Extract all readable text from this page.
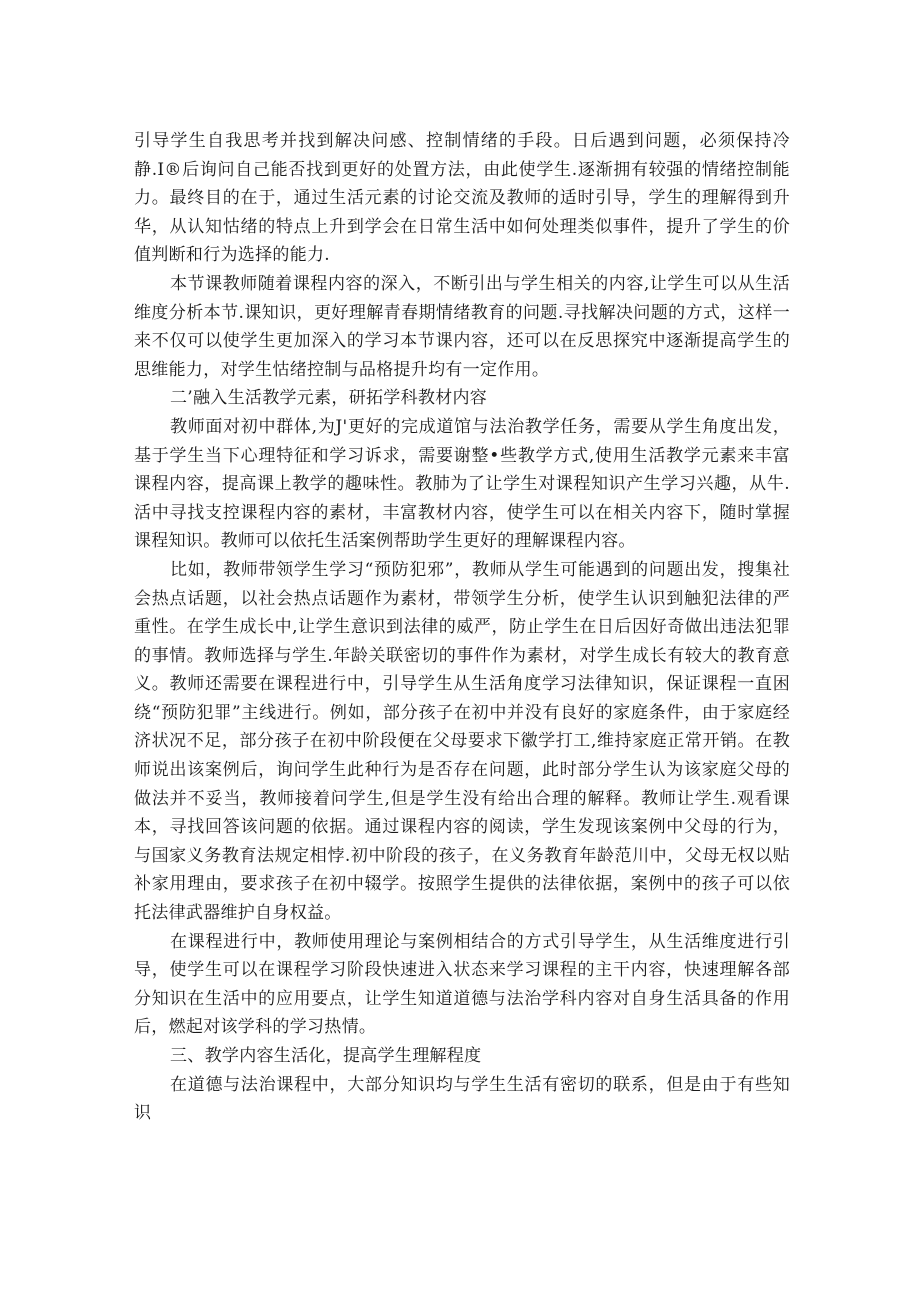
引导学生自我思考并找到解决问感、控制情绪的手段。日后遇到问题，必须保持冷静.I®后询问自己能否找到更好的处置方法，由此使学生.逐渐拥有较强的情绪控制能力。最终目的在于，通过生活元素的讨论交流及教师的适时引导，学生的理解得到升华，从认知怙绪的特点上升到学会在日常生活中如何处理类似事件，提升了学生的价值判断和行为选择的能力.

本节课教师随着课程内容的深入，不断引出与学生相关的内容,让学生可以从生活维度分析本节.课知识，更好理解青春期情绪教育的问题.寻找解决问题的方式，这样一来不仅可以使学生更加深入的学习本节课内容，还可以在反思探究中逐渐提高学生的思维能力，对学生怙绪控制与品格提升均有一定作用。

二’融入生活教学元素，研拓学科教材内容

教师面对初中群体,为J'更好的完成道馆与法治教学任务，需要从学生角度出发，基于学生当下心理特征和学习诉求，需要谢整•些教学方式,使用生活教学元素来丰富课程内容，提高课上教学的趣味性。教肺为了让学生对课程知识产生学习兴趣，从牛.活中寻找支控课程内容的素材，丰富教材内容，使学生可以在相关内容下，随时掌握课程知识。教师可以依托生活案例帮助学生更好的理解课程内容。

比如，教师带领学生学习“预防犯邪”，教师从学生可能遇到的问题出发，搜集社会热点话题，以社会热点话题作为素材，带领学生分析，使学生认识到触犯法律的严重性。在学生成长中,让学生意识到法律的威严，防止学生在日后因好奇做出违法犯罪的事情。教师选择与学生.年龄关联密切的事件作为素材，对学生成长有较大的教育意义。教师还需要在课程进行中，引导学生从生活角度学习法律知识，保证课程一直困绕“预防犯罪”主线进行。例如，部分孩子在初中并没有良好的家庭条件，由于家庭经济状况不足，部分孩子在初中阶段便在父母要求下徽学打工,维持家庭正常开销。在教师说出该案例后，询问学生此种行为是否存在问题，此时部分学生认为该家庭父母的做法并不妥当，教师接着问学生,但是学生没有给出合理的解释。教师让学生.观看课本，寻找回答该问题的依据。通过课程内容的阅读，学生发现该案例中父母的行为，与国家义务教育法规定相悖.初中阶段的孩子，在义务教育年龄范川中，父母无权以贴补家用理由，要求孩子在初中辍学。按照学生提供的法律依据，案例中的孩子可以依托法律武器维护自身权益。

在课程进行中，教师使用理论与案例相结合的方式引导学生，从生活维度进行引导，使学生可以在课程学习阶段快速进入状态来学习课程的主干内容，快速理解各部分知识在生活中的应用要点，让学生知道道德与法治学科内容对自身生活具备的作用后，燃起对该学科的学习热情。

三、教学内容生活化，提高学生理解程度

在道德与法治课程中，大部分知识均与学生生活有密切的联系，但是由于有些知识
